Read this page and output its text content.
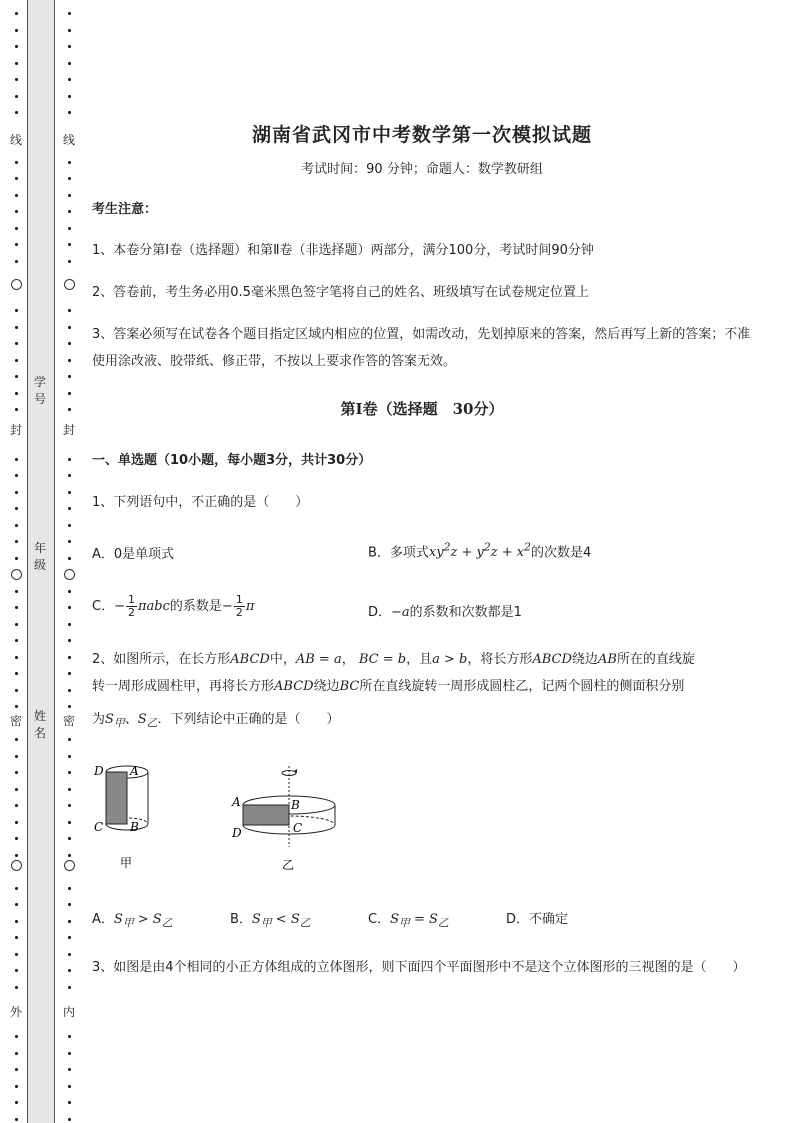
线
封
密
外
线
封
密
内
学号
年级
姓名
湖南省武冈市中考数学第一次模拟试题
考试时间：90 分钟；命题人：数学教研组
考生注意：
1、本卷分第I卷（选择题）和第Ⅱ卷（非选择题）两部分，满分100分，考试时间90分钟
2、答卷前，考生务必用0.5毫米黑色签字笔将自己的姓名、班级填写在试卷规定位置上
3、答案必须写在试卷各个题目指定区域内相应的位置，如需改动，先划掉原来的答案，然后再写上新的答案；不准使用涂改液、胶带纸、修正带，不按以上要求作答的答案无效。
第I卷（选择题　30分）
一、单选题（10小题，每小题3分，共计30分）
1、下列语句中，不正确的是（　　）
A．0是单项式	B．多项式$xy^2z + y^2z + x^2$的次数是4
C．− $\frac{1}{2}$ πabc的系数是− $\frac{1}{2}$ π	D．−a的系数和次数都是1
2、如图所示，在长方形ABCD中，AB = a， BC = b，且a > b，将长方形ABCD绕边AB所在的直线旋
转一周形成圆柱甲，再将长方形ABCD绕边BC所在直线旋转一周形成圆柱乙，记两个圆柱的侧面积分别
为$S_甲$、$S_乙$．下列结论中正确的是（　　）
D A
C B
甲
A	B
D	C
乙
A．$S_甲 > S_乙$	B．$S_甲 < S_乙$	C．$S_甲 = S_乙$	D．不确定
3、如图是由4个相同的小正方体组成的立体图形，则下面四个平面图形中不是这个立体图形的三视图的是（　　）
